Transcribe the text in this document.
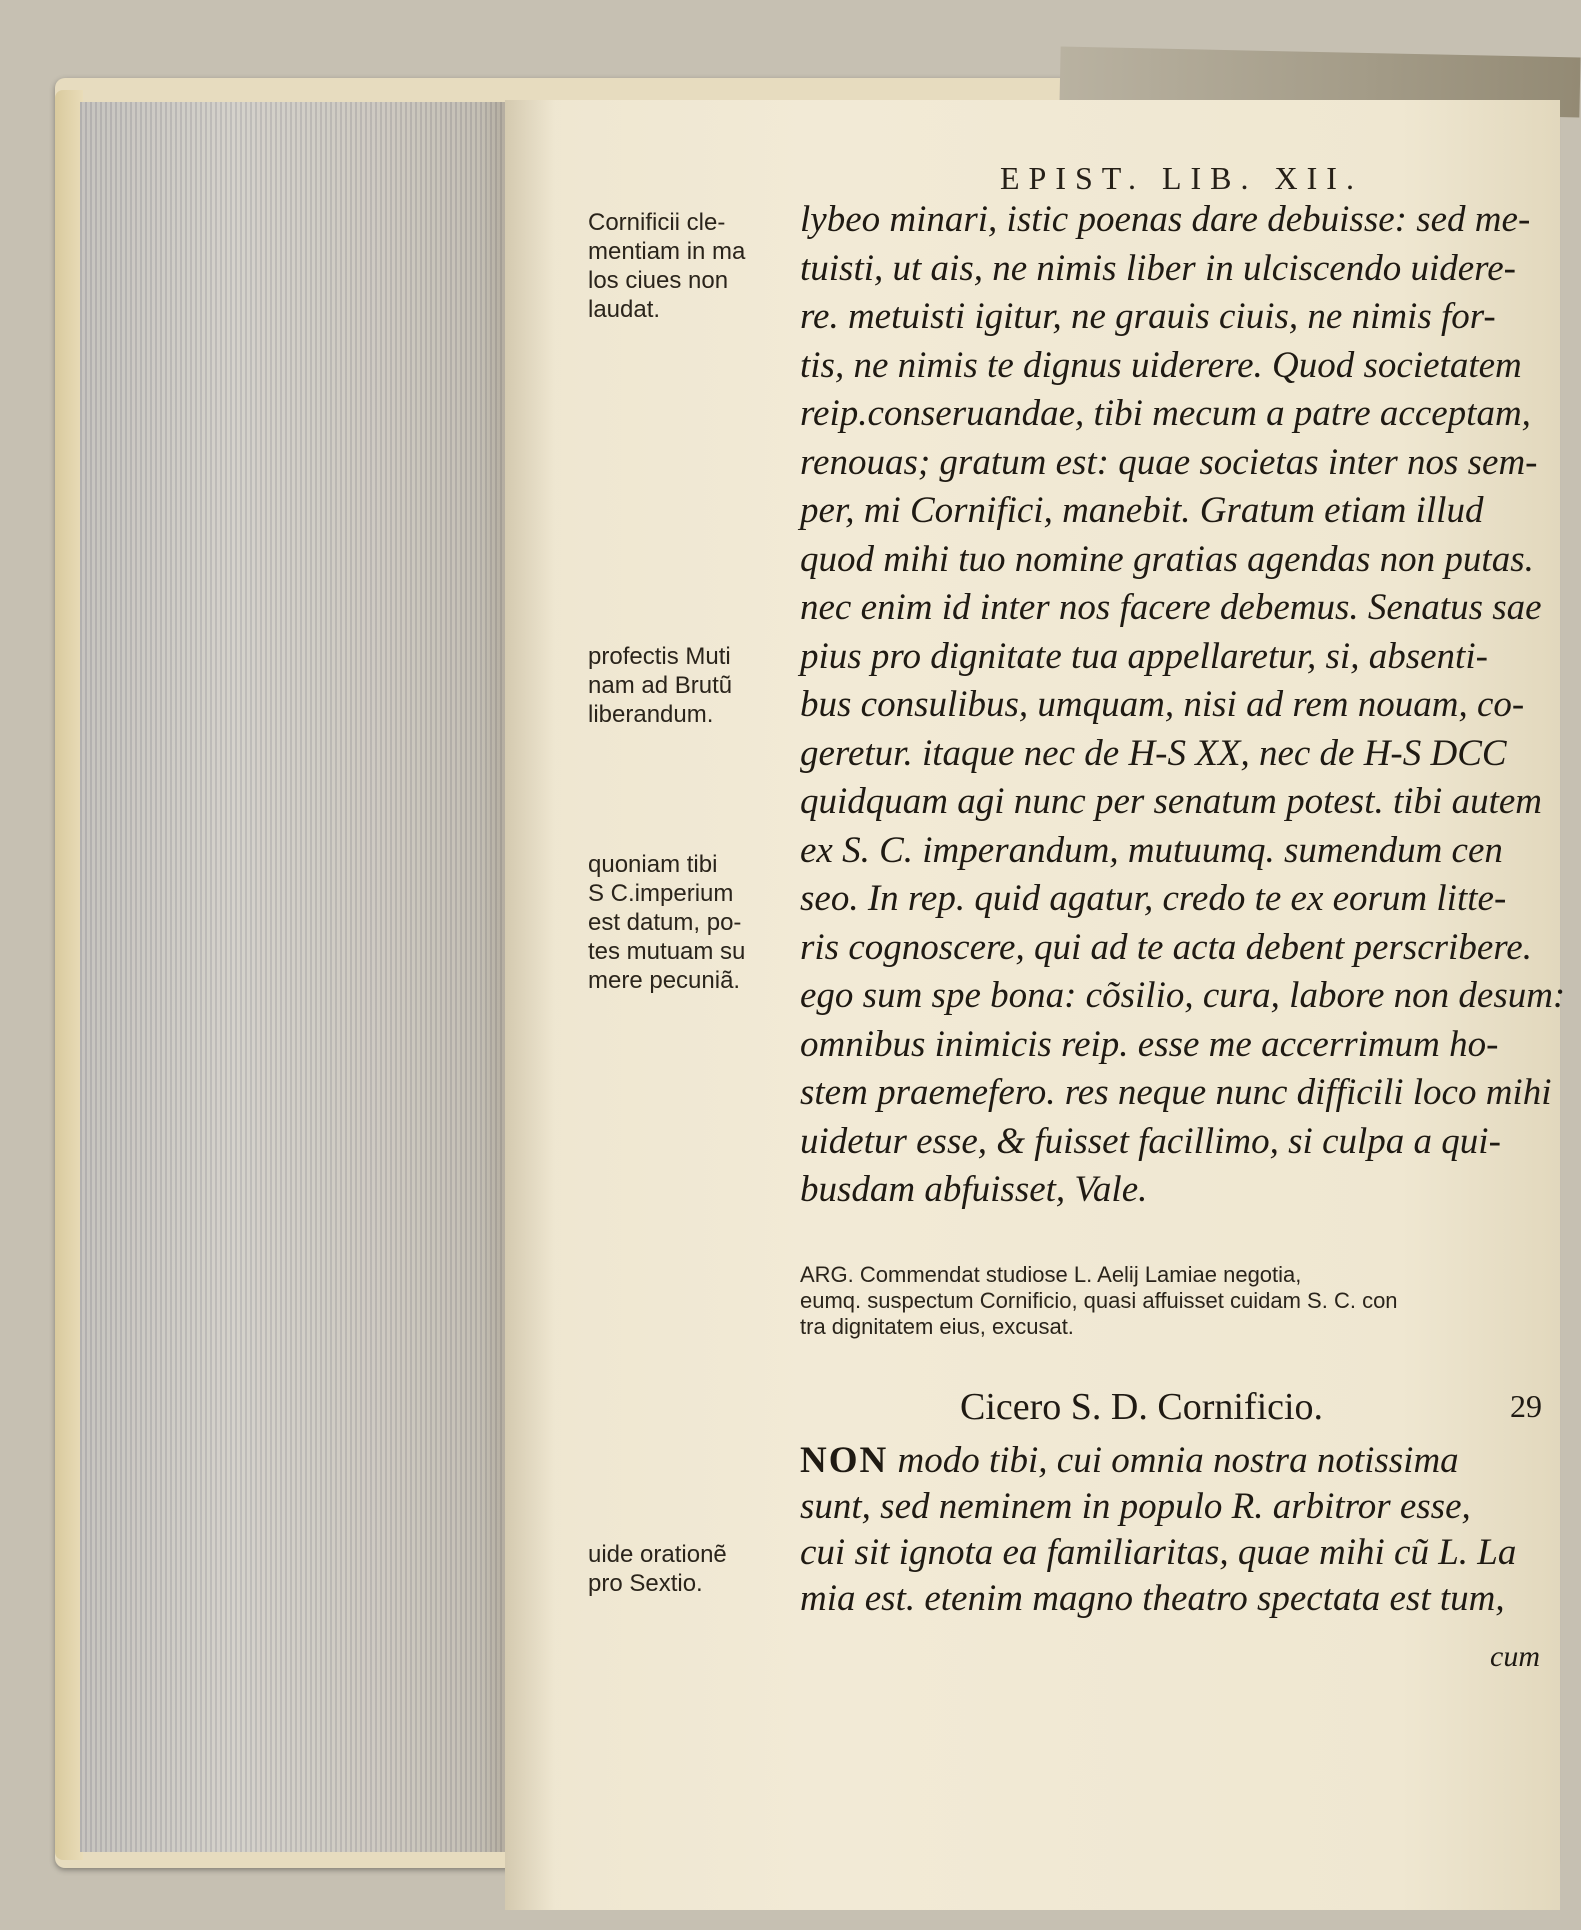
EPIST. LIB. XII.
Cornificii cle-
mentiam in ma
los ciues non
laudat.
profectis Muti
nam ad Brutũ
liberandum.
quoniam tibi
S C.imperium
est datum, po-
tes mutuam su
mere pecuniã.
uide orationẽ
pro Sextio.
lybeo minari, istic poenas dare debuisse: sed me-
tuisti, ut ais, ne nimis liber in ulciscendo uidere-
re. metuisti igitur, ne grauis ciuis, ne nimis for-
tis, ne nimis te dignus uiderere. Quod societatem
reip.conseruandae, tibi mecum a patre acceptam,
renouas; gratum est: quae societas inter nos sem-
per, mi Cornifici, manebit. Gratum etiam illud
quod mihi tuo nomine gratias agendas non putas.
nec enim id inter nos facere debemus. Senatus sae
pius pro dignitate tua appellaretur, si, absenti-
bus consulibus, umquam, nisi ad rem nouam, co-
geretur. itaque nec de H-S XX, nec de H-S DCC
quidquam agi nunc per senatum potest. tibi autem
ex S. C. imperandum, mutuumq. sumendum cen
seo. In rep. quid agatur, credo te ex eorum litte-
ris cognoscere, qui ad te acta debent perscribere.
ego sum spe bona: cõsilio, cura, labore non desum:
omnibus inimicis reip. esse me accerrimum ho-
stem praemefero. res neque nunc difficili loco mihi
uidetur esse, & fuisset facillimo, si culpa a qui-
busdam abfuisset, Vale.
ARG. Commendat studiose L. Aelij Lamiae negotia,
eumq. suspectum Cornificio, quasi affuisset cuidam S. C. con
tra dignitatem eius, excusat.
Cicero S. D. Cornificio.	29
NON modo tibi, cui omnia nostra notissima
sunt, sed neminem in populo R. arbitror esse,
cui sit ignota ea familiaritas, quae mihi cũ L. La
mia est. etenim magno theatro spectata est tum,
cum
